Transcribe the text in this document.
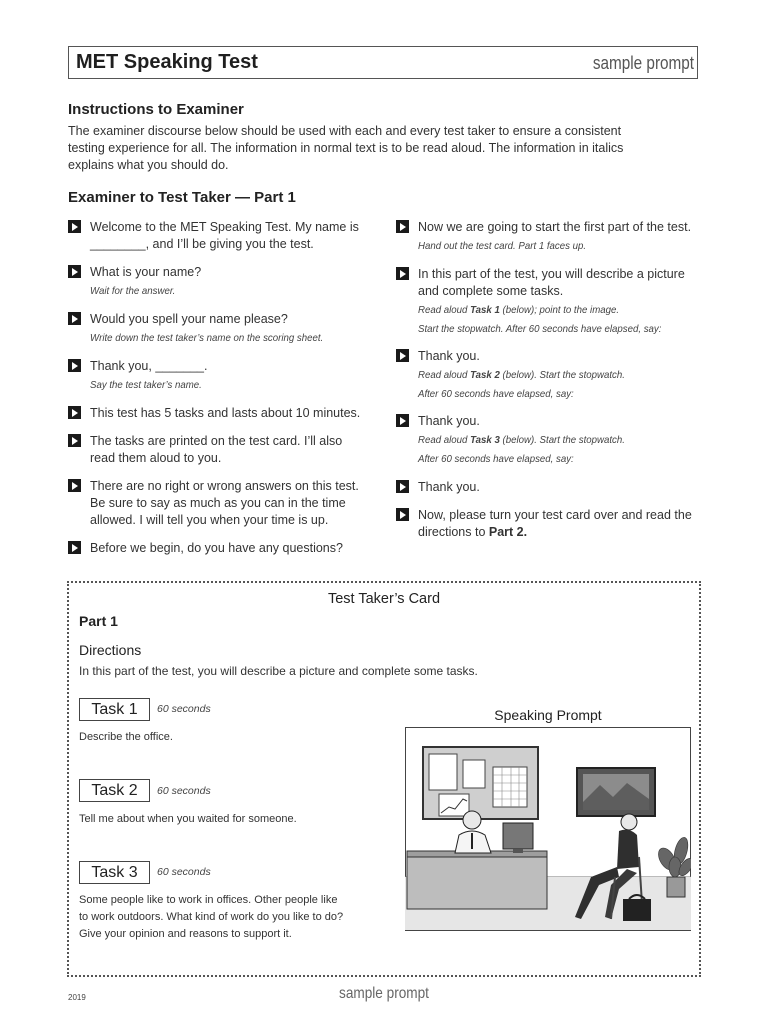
MET Speaking Test	sample prompt
Instructions to Examiner
The examiner discourse below should be used with each and every test taker to ensure a consistent
testing experience for all. The information in normal text is to be read aloud. The information in italics
explains what you should do.
Examiner to Test Taker — Part 1
Welcome to the MET Speaking Test. My name is
________, and I’ll be giving you the test.
What is your name?
Wait for the answer.
Would you spell your name please?
Write down the test taker’s name on the scoring sheet.
Thank you, _______.
Say the test taker’s name.
This test has 5 tasks and lasts about 10 minutes.
The tasks are printed on the test card. I’ll also
read them aloud to you.
There are no right or wrong answers on this test.
Be sure to say as much as you can in the time
allowed. I will tell you when your time is up.
Before we begin, do you have any questions?
Now we are going to start the first part of the test.
Hand out the test card. Part 1 faces up.
In this part of the test, you will describe a picture
and complete some tasks.
Read aloud Task 1 (below); point to the image.
Start the stopwatch. After 60 seconds have elapsed, say:
Thank you.
Read aloud Task 2 (below). Start the stopwatch.
After 60 seconds have elapsed, say:
Thank you.
Read aloud Task 3 (below). Start the stopwatch.
After 60 seconds have elapsed, say:
Thank you.
Now, please turn your test card over and read the
directions to Part 2.
Test Taker’s Card
Part 1
Directions
In this part of the test, you will describe a picture and complete some tasks.
Task 1	60 seconds
Describe the office.
Task 2	60 seconds
Tell me about when you waited for someone.
Task 3	60 seconds
Some people like to work in offices. Other people like
to work outdoors. What kind of work do you like to do?
Give your opinion and reasons to support it.
Speaking Prompt
2019	sample prompt
